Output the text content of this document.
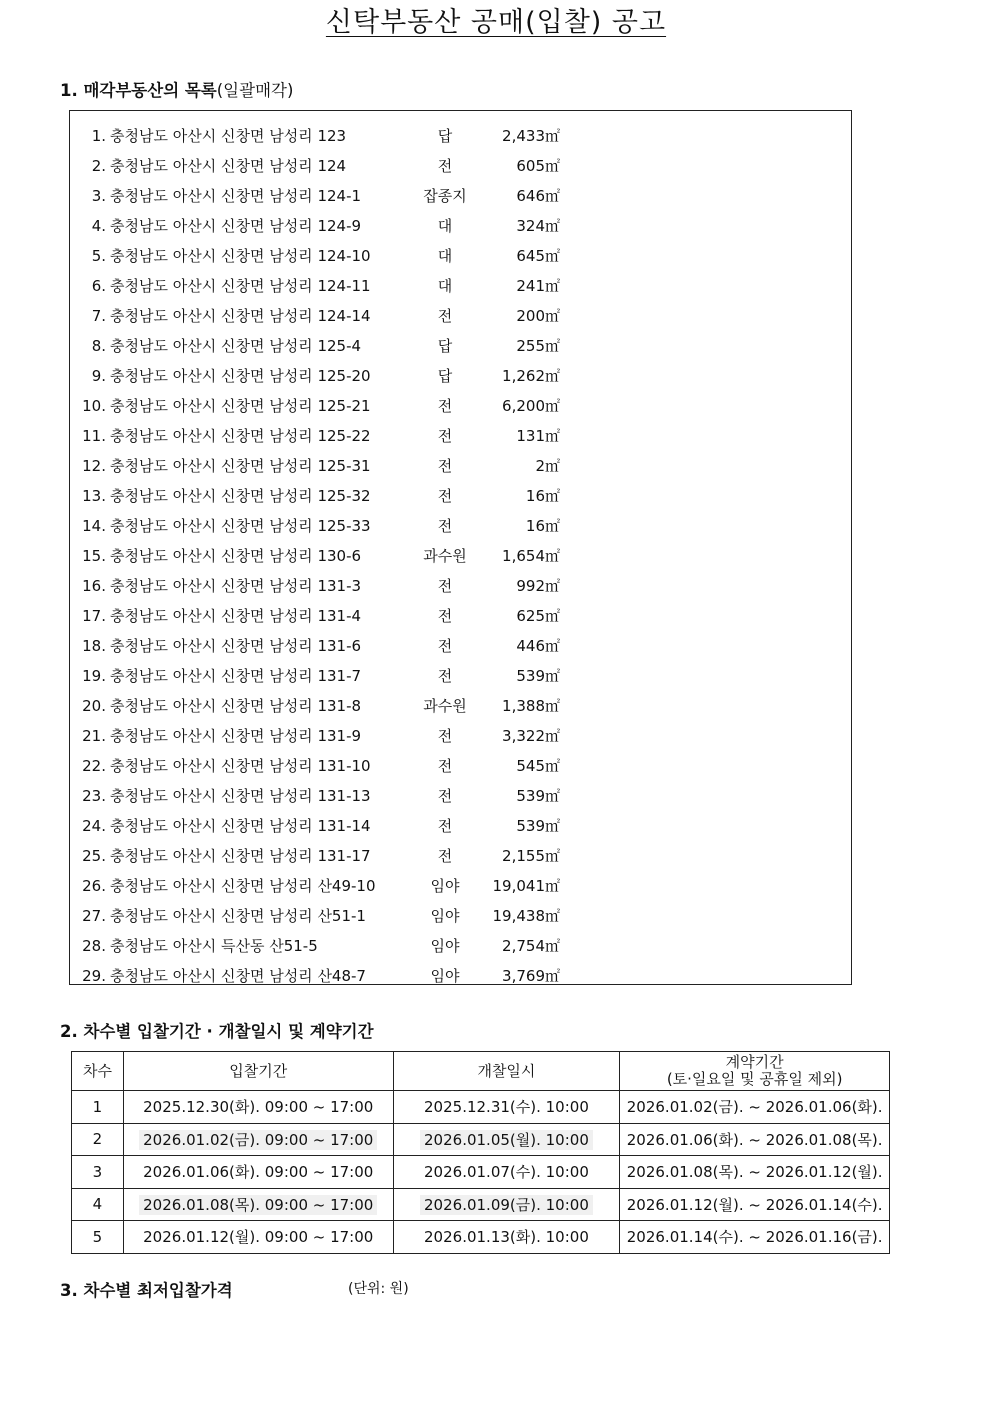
신탁부동산 공매(입찰) 공고
1. 매각부동산의 목록(일괄매각)
1. 충청남도 아산시 신창면 남성리 123	답	2,433㎡
2. 충청남도 아산시 신창면 남성리 124	전	605㎡
3. 충청남도 아산시 신창면 남성리 124-1	잡종지	646㎡
4. 충청남도 아산시 신창면 남성리 124-9	대	324㎡
5. 충청남도 아산시 신창면 남성리 124-10	대	645㎡
6. 충청남도 아산시 신창면 남성리 124-11	대	241㎡
7. 충청남도 아산시 신창면 남성리 124-14	전	200㎡
8. 충청남도 아산시 신창면 남성리 125-4	답	255㎡
9. 충청남도 아산시 신창면 남성리 125-20	답	1,262㎡
10. 충청남도 아산시 신창면 남성리 125-21	전	6,200㎡
11. 충청남도 아산시 신창면 남성리 125-22	전	131㎡
12. 충청남도 아산시 신창면 남성리 125-31	전	2㎡
13. 충청남도 아산시 신창면 남성리 125-32	전	16㎡
14. 충청남도 아산시 신창면 남성리 125-33	전	16㎡
15. 충청남도 아산시 신창면 남성리 130-6	과수원	1,654㎡
16. 충청남도 아산시 신창면 남성리 131-3	전	992㎡
17. 충청남도 아산시 신창면 남성리 131-4	전	625㎡
18. 충청남도 아산시 신창면 남성리 131-6	전	446㎡
19. 충청남도 아산시 신창면 남성리 131-7	전	539㎡
20. 충청남도 아산시 신창면 남성리 131-8	과수원	1,388㎡
21. 충청남도 아산시 신창면 남성리 131-9	전	3,322㎡
22. 충청남도 아산시 신창면 남성리 131-10	전	545㎡
23. 충청남도 아산시 신창면 남성리 131-13	전	539㎡
24. 충청남도 아산시 신창면 남성리 131-14	전	539㎡
25. 충청남도 아산시 신창면 남성리 131-17	전	2,155㎡
26. 충청남도 아산시 신창면 남성리 산49-10	임야	19,041㎡
27. 충청남도 아산시 신창면 남성리 산51-1	임야	19,438㎡
28. 충청남도 아산시 득산동 산51-5	임야	2,754㎡
29. 충청남도 아산시 신창면 남성리 산48-7	임야	3,769㎡
2. 차수별 입찰기간 · 개찰일시 및 계약기간
차수	입찰기간	개찰일시	계약기간
(토·일요일 및 공휴일 제외)

1	2025.12.30(화). 09:00 ~ 17:00	2025.12.31(수). 10:00	2026.01.02(금). ~ 2026.01.06(화).
2	2026.01.02(금). 09:00 ~ 17:00	2026.01.05(월). 10:00	2026.01.06(화). ~ 2026.01.08(목).
3	2026.01.06(화). 09:00 ~ 17:00	2026.01.07(수). 10:00	2026.01.08(목). ~ 2026.01.12(월).
4	2026.01.08(목). 09:00 ~ 17:00	2026.01.09(금). 10:00	2026.01.12(월). ~ 2026.01.14(수).
5	2026.01.12(월). 09:00 ~ 17:00	2026.01.13(화). 10:00	2026.01.14(수). ~ 2026.01.16(금).
3. 차수별 최저입찰가격	(단위: 원)
